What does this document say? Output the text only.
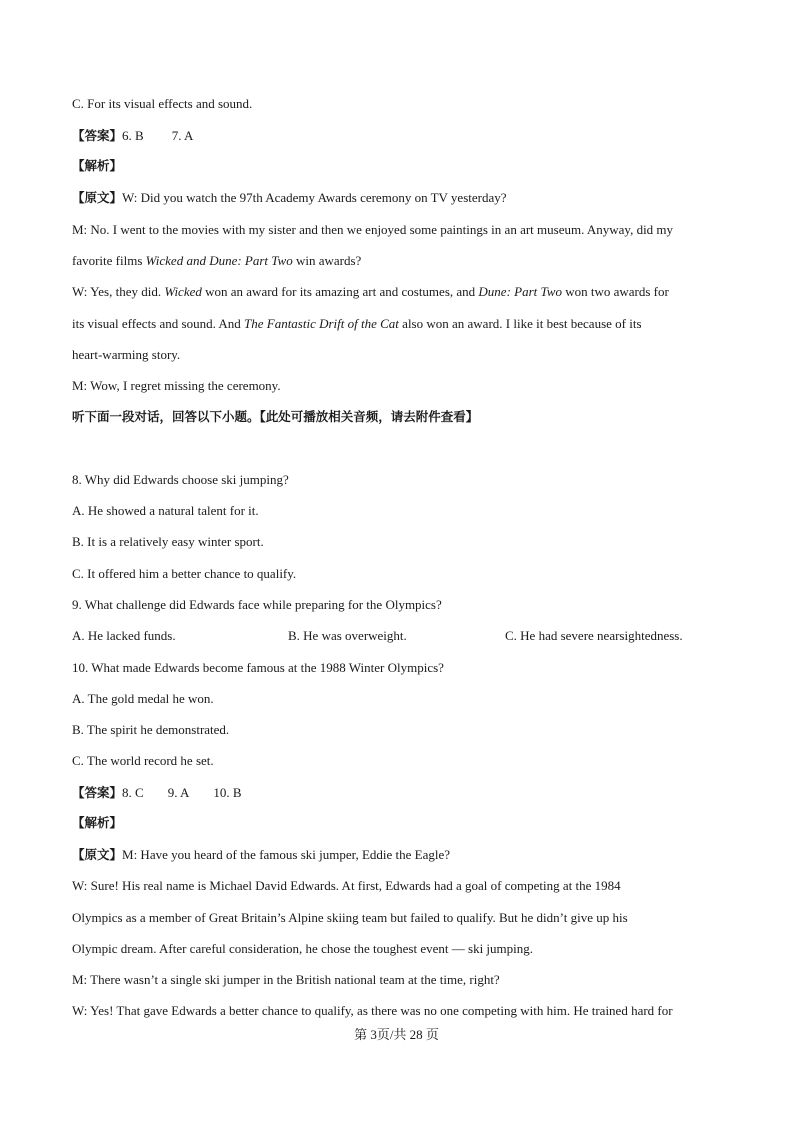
C. For its visual effects and sound.
【答案】6. B 7. A
【解析】
【原文】W: Did you watch the 97th Academy Awards ceremony on TV yesterday?
M: No. I went to the movies with my sister and then we enjoyed some paintings in an art museum. Anyway, did my
favorite films Wicked and Dune: Part Two win awards?
W: Yes, they did. Wicked won an award for its amazing art and costumes, and Dune: Part Two won two awards for
its visual effects and sound. And The Fantastic Drift of the Cat also won an award. I like it best because of its
heart-warming story.
M: Wow, I regret missing the ceremony.
听下面一段对话，回答以下小题。【此处可播放相关音频，请去附件查看】
8. Why did Edwards choose ski jumping?
A. He showed a natural talent for it.
B. It is a relatively easy winter sport.
C. It offered him a better chance to qualify.
9. What challenge did Edwards face while preparing for the Olympics?
A. He lacked funds.	B. He was overweight.	C. He had severe nearsightedness.
10. What made Edwards become famous at the 1988 Winter Olympics?
A. The gold medal he won.
B. The spirit he demonstrated.
C. The world record he set.
【答案】8. C 9. A 10. B
【解析】
【原文】M: Have you heard of the famous ski jumper, Eddie the Eagle?
W: Sure! His real name is Michael David Edwards. At first, Edwards had a goal of competing at the 1984
Olympics as a member of Great Britain’s Alpine skiing team but failed to qualify. But he didn’t give up his
Olympic dream. After careful consideration, he chose the toughest event — ski jumping.
M: There wasn’t a single ski jumper in the British national team at the time, right?
W: Yes! That gave Edwards a better chance to qualify, as there was no one competing with him. He trained hard for
第 3页/共 28 页
